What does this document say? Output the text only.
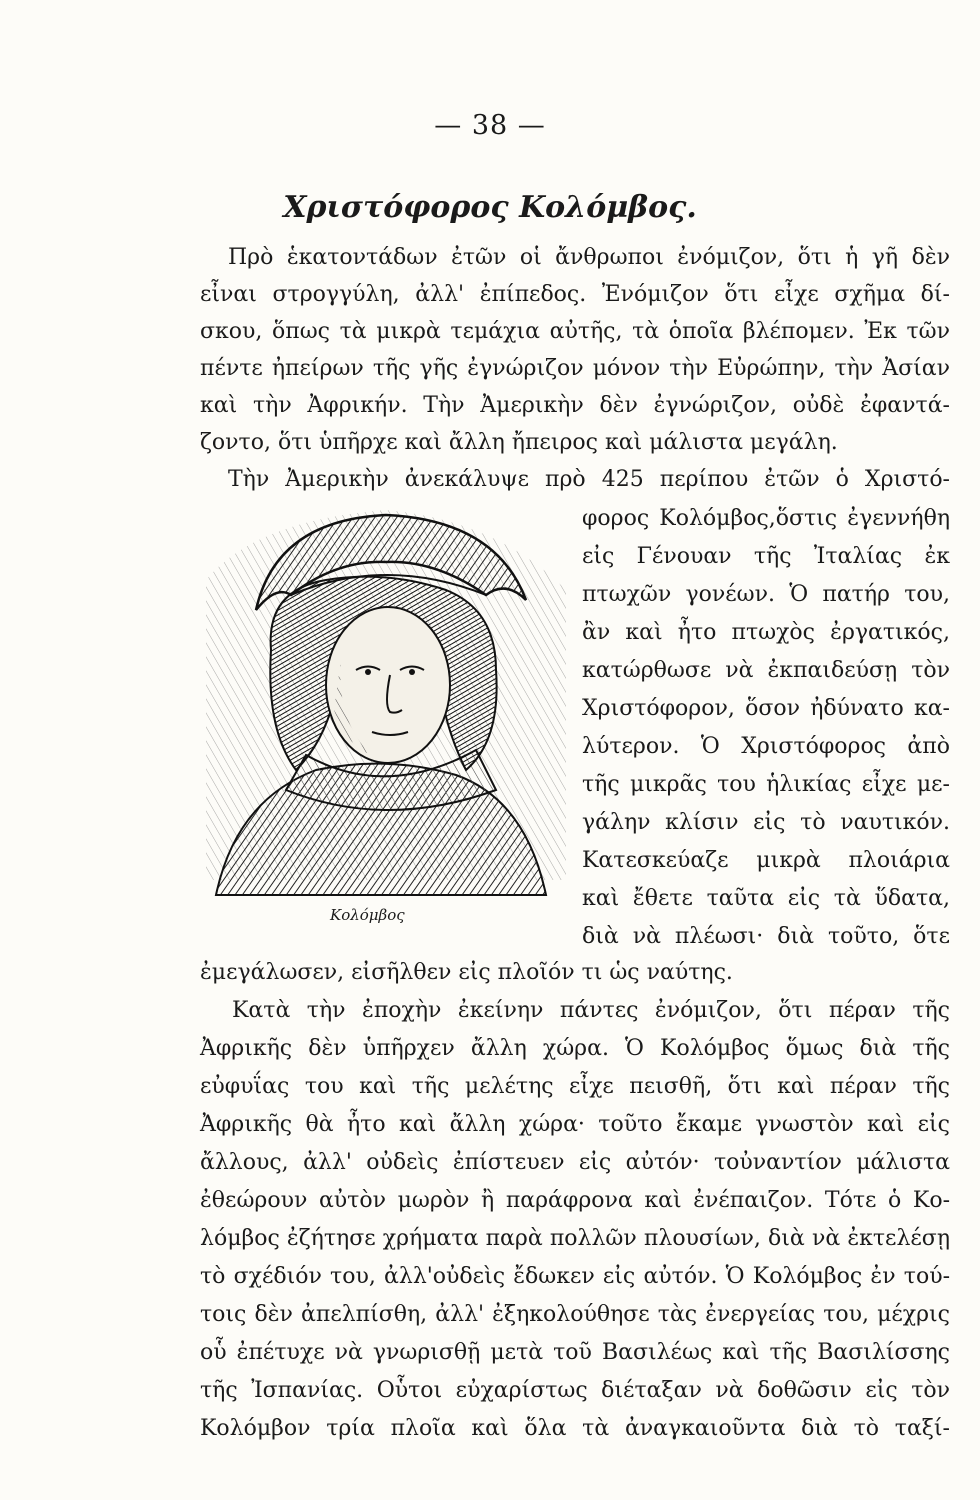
— 38 —
Χριστόφορος Κολόμβος.
Πρὸ ἑκατοντάδων ἐτῶν οἱ ἄνθρωποι ἐνόμιζον, ὅτι ἡ γῆ δὲν
εἶναι στρογγύλη, ἀλλ' ἐπίπεδος. Ἐνόμιζον ὅτι εἶχε σχῆμα δί-
σκου, ὅπως τὰ μικρὰ τεμάχια αὐτῆς, τὰ ὁποῖα βλέπομεν. Ἐκ τῶν
πέντε ἠπείρων τῆς γῆς ἐγνώριζον μόνον τὴν Εὐρώπην, τὴν Ἀσίαν
καὶ τὴν Ἀφρικήν. Τὴν Ἀμερικὴν δὲν ἐγνώριζον, οὐδὲ ἐφαντά-
ζοντο, ὅτι ὑπῆρχε καὶ ἄλλη ἤπειρος καὶ μάλιστα μεγάλη.
Τὴν Ἀμερικὴν ἀνεκάλυψε πρὸ 425 περίπου ἐτῶν ὁ Χριστό-
φορος Κολόμβος,ὅστις ἐγεννήθη
εἰς Γένουαν τῆς Ἰταλίας ἐκ
πτωχῶν γονέων. Ὁ πατήρ του,
ἂν καὶ ἦτο πτωχὸς ἐργατικός,
κατώρθωσε νὰ ἐκπαιδεύσῃ τὸν
Χριστόφορον, ὅσον ἠδύνατο κα-
λύτερον. Ὁ Χριστόφορος ἀπὸ
τῆς μικρᾶς του ἡλικίας εἶχε με-
γάλην κλίσιν εἰς τὸ ναυτικόν.
Κατεσκεύαζε μικρὰ πλοιάρια
καὶ ἔθετε ταῦτα εἰς τὰ ὕδατα,
διὰ νὰ πλέωσι· διὰ τοῦτο, ὅτε
ἐμεγάλωσεν, εἰσῆλθεν εἰς πλοῖόν τι ὡς ναύτης.
Κατὰ τὴν ἐποχὴν ἐκείνην πάντες ἐνόμιζον, ὅτι πέραν τῆς
Ἀφρικῆς δὲν ὑπῆρχεν ἄλλη χώρα. Ὁ Κολόμβος ὅμως διὰ τῆς
εὐφυΐας του καὶ τῆς μελέτης εἶχε πεισθῆ, ὅτι καὶ πέραν τῆς
Ἀφρικῆς θὰ ἦτο καὶ ἄλλη χώρα· τοῦτο ἔκαμε γνωστὸν καὶ εἰς
ἄλλους, ἀλλ' οὐδεὶς ἐπίστευεν εἰς αὐτόν· τοὐναντίον μάλιστα
ἐθεώρουν αὐτὸν μωρὸν ἢ παράφρονα καὶ ἐνέπαιζον. Τότε ὁ Κο-
λόμβος ἐζήτησε χρήματα παρὰ πολλῶν πλουσίων, διὰ νὰ ἐκτελέσῃ
τὸ σχέδιόν του, ἀλλ'οὐδεὶς ἔδωκεν εἰς αὐτόν. Ὁ Κολόμβος ἐν τού-
τοις δὲν ἀπελπίσθη, ἀλλ' ἐξηκολούθησε τὰς ἐνεργείας του, μέχρις
οὗ ἐπέτυχε νὰ γνωρισθῇ μετὰ τοῦ Βασιλέως καὶ τῆς Βασιλίσσης
τῆς Ἰσπανίας. Οὗτοι εὐχαρίστως διέταξαν νὰ δοθῶσιν εἰς τὸν
Κολόμβον τρία πλοῖα καὶ ὅλα τὰ ἀναγκαιοῦντα διὰ τὸ ταξί-
Κολόμβος
